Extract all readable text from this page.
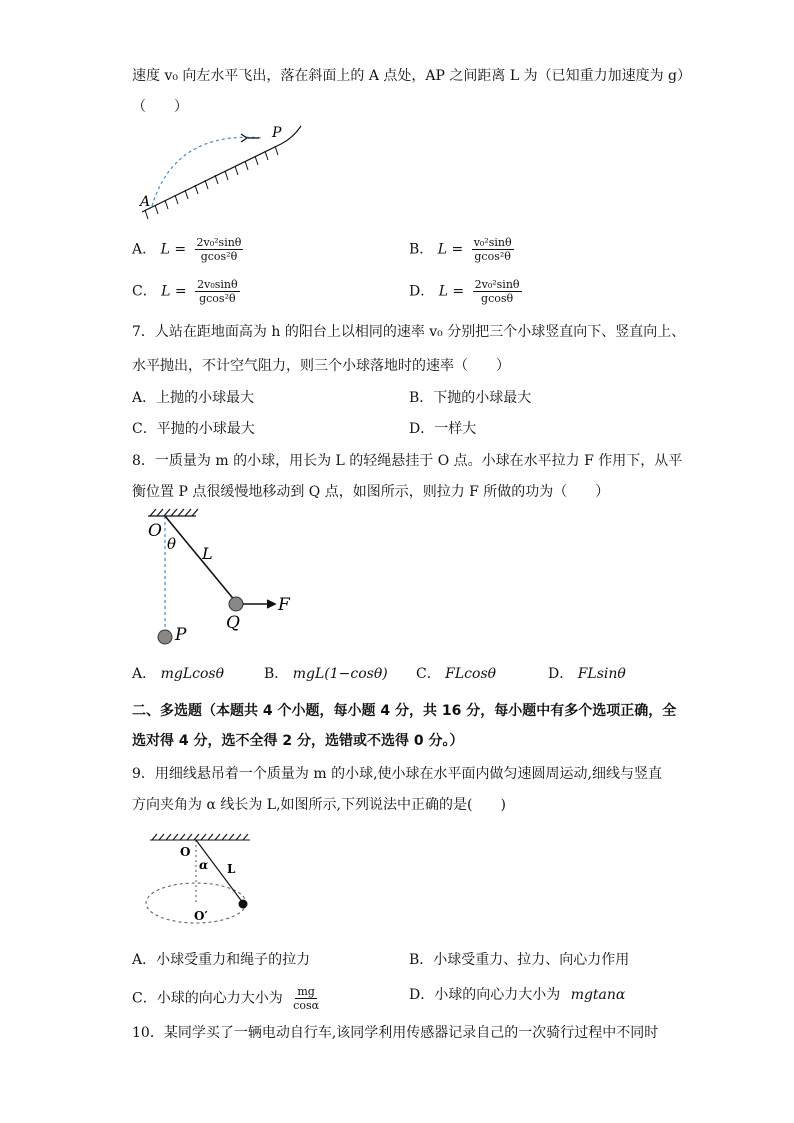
速度 v₀ 向左水平飞出，落在斜面上的 A 点处，AP 之间距离 L 为（已知重力加速度为 g）
（　　）
A
P
A． $L = \frac{\text{2v₀²sinθ}}{\text{gcos²θ}}$	B． $L = \frac{\text{v₀²sinθ}}{\text{gcos²θ}}$
C． $L = \frac{\text{2v₀sinθ}}{\text{gcos²θ}}$	D． $L = \frac{\text{2v₀²sinθ}}{gcos\theta}$
7．人站在距地面高为 h 的阳台上以相同的速率 v₀ 分别把三个小球竖直向下、竖直向上、
水平抛出，不计空气阻力，则三个小球落地时的速率（　　）
A．上抛的小球最大	B．下抛的小球最大
C．平抛的小球最大	D．一样大
8．一质量为 m 的小球，用长为 L 的轻绳悬挂于 O 点。小球在水平拉力 F 作用下，从平
衡位置 P 点很缓慢地移动到 Q 点，如图所示，则拉力 F 所做的功为（　　）
O
θ L
F
Q
P
A． mgLcosθ	B． mgL(1−cosθ) C． FLcosθ	D． FLsinθ
二、多选题（本题共 4 个小题，每小题 4 分，共 16 分，每小题中有多个选项正确，全
选对得 4 分，选不全得 2 分，选错或不选得 0 分。）
9．用细线悬吊着一个质量为 m 的小球,使小球在水平面内做匀速圆周运动,细线与竖直
方向夹角为 α 线长为 L,如图所示,下列说法中正确的是(　　)
O
α L
O′
A．小球受重力和绳子的拉力	B．小球受重力、拉力、向心力作用
C．小球的向心力大小为 $\frac{mg}{\cos\alpha}$	D．小球的向心力大小为 mgtanα
10．某同学买了一辆电动自行车,该同学利用传感器记录自己的一次骑行过程中不同时
